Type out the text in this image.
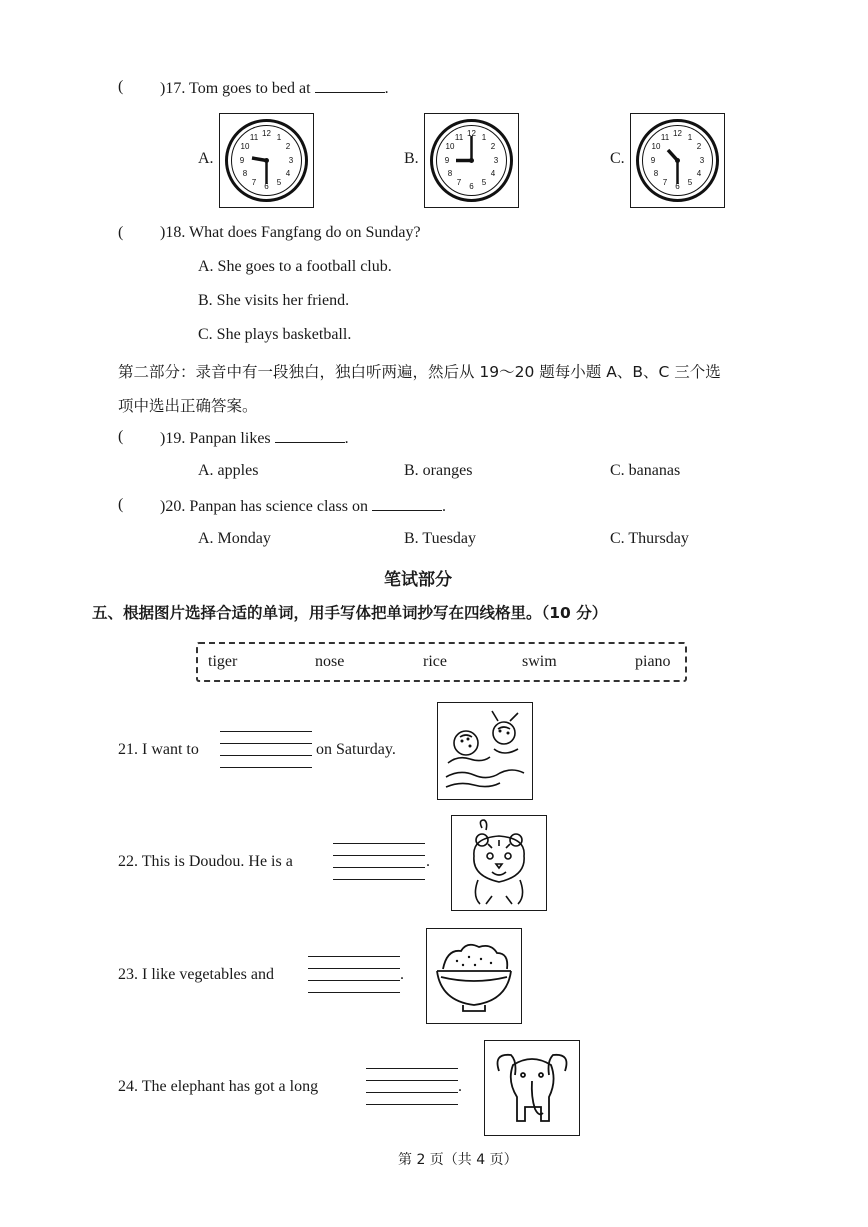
( )17. Tom goes to bed at	.
A.
12 1
2
3
4
5
6
7
8
9
10
11
B.
12 1
2
3
4
5
6
7
8
9
10
11
C.
12 1
2
3
4
5
6
7
8
9
10
11
( )18. What does Fangfang do on Sunday?
A. She goes to a football club.
B. She visits her friend.
C. She plays basketball.
第二部分：录音中有一段独白，独白听两遍，然后从 19～20 题每小题 A、B、C 三个选
项中选出正确答案。
( )19. Panpan likes	.
A. apples	B. oranges	C. bananas
( )20. Panpan has science class on	.
A. Monday	B. Tuesday	C. Thursday
笔试部分
五、根据图片选择合适的单词，用手写体把单词抄写在四线格里。（10 分）
tiger	nose	rice	swim	piano
21. I want to	on Saturday.
22. This is Doudou. He is a	.
23. I like vegetables and	.
24. The elephant has got a long	.
第 2 页（共 4 页）
